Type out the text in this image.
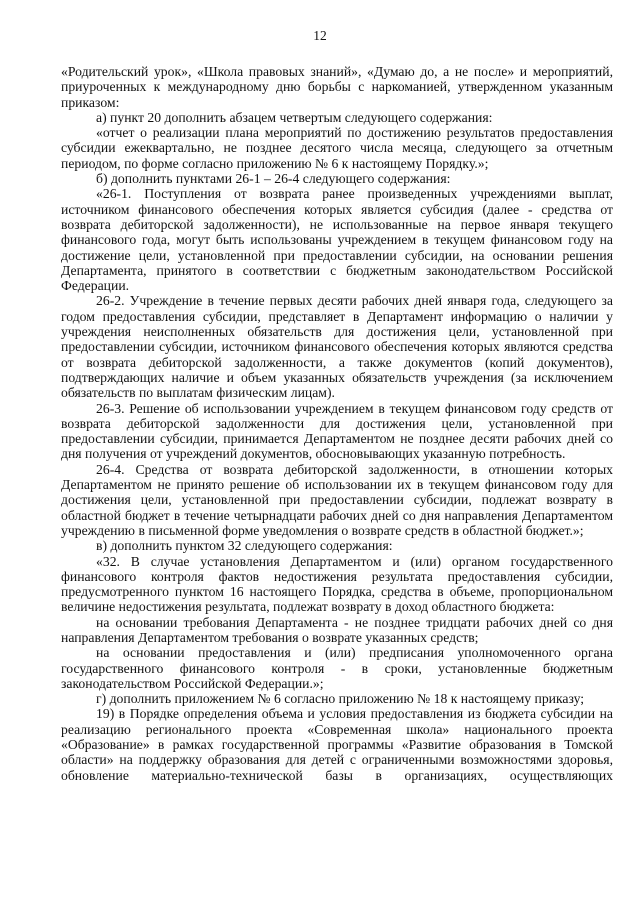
12

«Родительский урок», «Школа правовых знаний», «Думаю до, а не после» и мероприятий, приуроченных к международному дню борьбы с наркоманией, утвержденном указанным приказом:

а) пункт 20 дополнить абзацем четвертым следующего содержания:

«отчет о реализации плана мероприятий по достижению результатов предоставления субсидии ежеквартально, не позднее десятого числа месяца, следующего за отчетным периодом, по форме согласно приложению № 6 к настоящему Порядку.»;

б) дополнить пунктами 26-1 – 26-4 следующего содержания:

«26-1. Поступления от возврата ранее произведенных учреждениями выплат, источником финансового обеспечения которых является субсидия (далее - средства от возврата дебиторской задолженности), не использованные на первое января текущего финансового года, могут быть использованы учреждением в текущем финансовом году на достижение цели, установленной при предоставлении субсидии, на основании решения Департамента, принятого в соответствии с бюджетным законодательством Российской Федерации.

26-2. Учреждение в течение первых десяти рабочих дней января года, следующего за годом предоставления субсидии, представляет в Департамент информацию о наличии у учреждения неисполненных обязательств для достижения цели, установленной при предоставлении субсидии, источником финансового обеспечения которых являются средства от возврата дебиторской задолженности, а также документов (копий документов), подтверждающих наличие и объем указанных обязательств учреждения (за исключением обязательств по выплатам физическим лицам).

26-3. Решение об использовании учреждением в текущем финансовом году средств от возврата дебиторской задолженности для достижения цели, установленной при предоставлении субсидии, принимается Департаментом не позднее десяти рабочих дней со дня получения от учреждений документов, обосновывающих указанную потребность.

26-4. Средства от возврата дебиторской задолженности, в отношении которых Департаментом не принято решение об использовании их в текущем финансовом году для достижения цели, установленной при предоставлении субсидии, подлежат возврату в областной бюджет в течение четырнадцати рабочих дней со дня направления Департаментом учреждению в письменной форме уведомления о возврате средств в областной бюджет.»;

в) дополнить пунктом 32 следующего содержания:

«32. В случае установления Департаментом и (или) органом государственного финансового контроля фактов недостижения результата предоставления субсидии, предусмотренного пунктом 16 настоящего Порядка, средства в объеме, пропорциональном величине недостижения результата, подлежат возврату в доход областного бюджета:

на основании требования Департамента - не позднее тридцати рабочих дней со дня направления Департаментом требования о возврате указанных средств;

на основании предоставления и (или) предписания уполномоченного органа государственного финансового контроля - в сроки, установленные бюджетным законодательством Российской Федерации.»;

г) дополнить приложением № 6 согласно приложению № 18 к настоящему приказу;

19) в Порядке определения объема и условия предоставления из бюджета субсидии на реализацию регионального проекта «Современная школа» национального проекта «Образование» в рамках государственной программы «Развитие образования в Томской области» на поддержку образования для детей с ограниченными возможностями здоровья, обновление материально-технической базы в организациях, осуществляющих
